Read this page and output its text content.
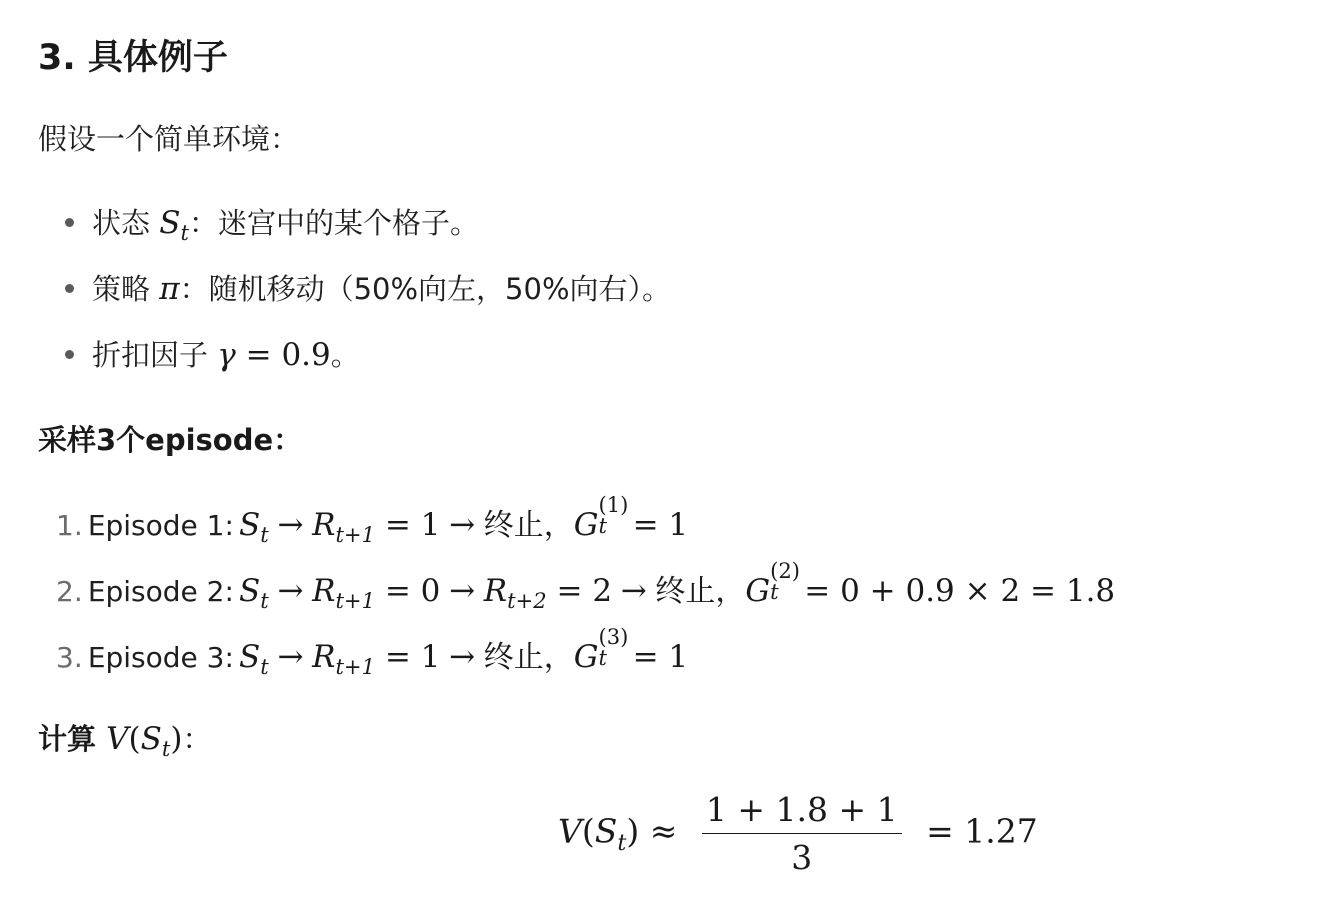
3. 具体例子
假设一个简单环境：
状态 $S_t$：迷宫中的某个格子。
策略 π：随机移动（50%向左，50%向右）。
折扣因子 γ = 0.9。
采样3个episode：
1. Episode 1: $S_t \to R_{t+1} = 1$ → 终止，G
(1)
t = 1
2. Episode 2: $S_t \to R_{t+1} = 0 \to R_{t+2} = 2$ → 终止，G
(2)
t = 0 + 0.9 × 2 = 1.8
3. Episode 3: $S_t \to R_{t+1} = 1$ → 终止，G
(3)
t = 1
计算 $V(S_t)$：
$V(S_t) \approx \frac{1 + 1.8 + 1}{3} = 1.27$
